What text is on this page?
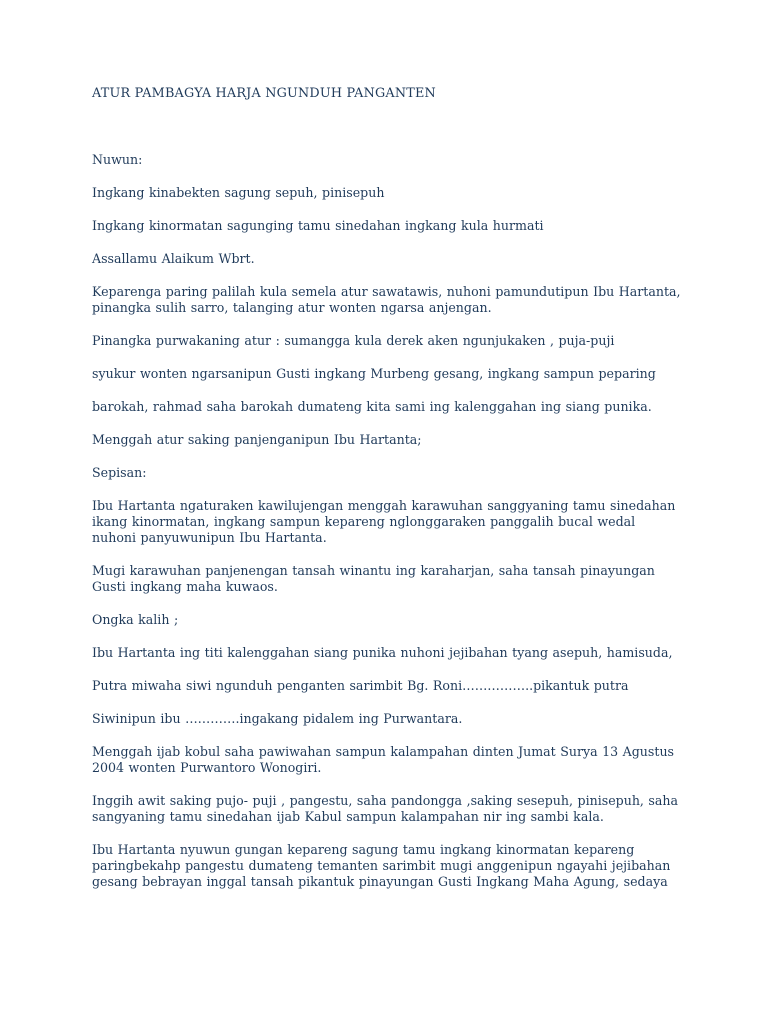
ATUR PAMBAGYA HARJA NGUNDUH PANGANTEN

Nuwun:

Ingkang kinabekten sagung sepuh, pinisepuh

Ingkang kinormatan sagunging tamu sinedahan ingkang kula hurmati

Assallamu Alaikum Wbrt.

Keparenga paring palilah kula semela atur sawatawis, nuhoni pamundutipun Ibu Hartanta, pinangka sulih sarro, talanging atur wonten ngarsa anjengan.

Pinangka purwakaning atur : sumangga kula derek aken ngunjukaken , puja-puji

syukur wonten ngarsanipun Gusti ingkang Murbeng gesang, ingkang sampun peparing

barokah, rahmad saha barokah dumateng kita sami ing kalenggahan ing siang punika.

Menggah atur saking panjenganipun Ibu Hartanta;

Sepisan:

Ibu Hartanta ngaturaken kawilujengan menggah karawuhan sanggyaning tamu sinedahan ikang kinormatan, ingkang sampun kepareng nglonggaraken panggalih bucal wedal nuhoni panyuwunipun Ibu Hartanta.

Mugi karawuhan panjenengan tansah winantu ing karaharjan, saha tansah pinayungan Gusti ingkang maha kuwaos.

Ongka kalih ;

Ibu Hartanta ing titi kalenggahan siang punika nuhoni jejibahan tyang asepuh, hamisuda,

Putra miwaha siwi ngunduh penganten sarimbit Bg. Roni……………..pikantuk putra

Siwinipun ibu ………….ingakang pidalem ing Purwantara.

Menggah ijab kobul saha pawiwahan sampun kalampahan dinten Jumat Surya 13 Agustus 2004 wonten Purwantoro Wonogiri.

Inggih awit saking pujo- puji , pangestu, saha pandongga ,saking sesepuh, pinisepuh, saha sangyaning tamu sinedahan ijab Kabul sampun kalampahan nir ing sambi kala.

Ibu Hartanta nyuwun gungan kepareng sagung tamu ingkang kinormatan kepareng paringbekahp pangestu dumateng temanten sarimbit mugi anggenipun ngayahi jejibahan gesang bebrayan inggal tansah pikantuk pinayungan Gusti Ingkang Maha Agung, sedaya
